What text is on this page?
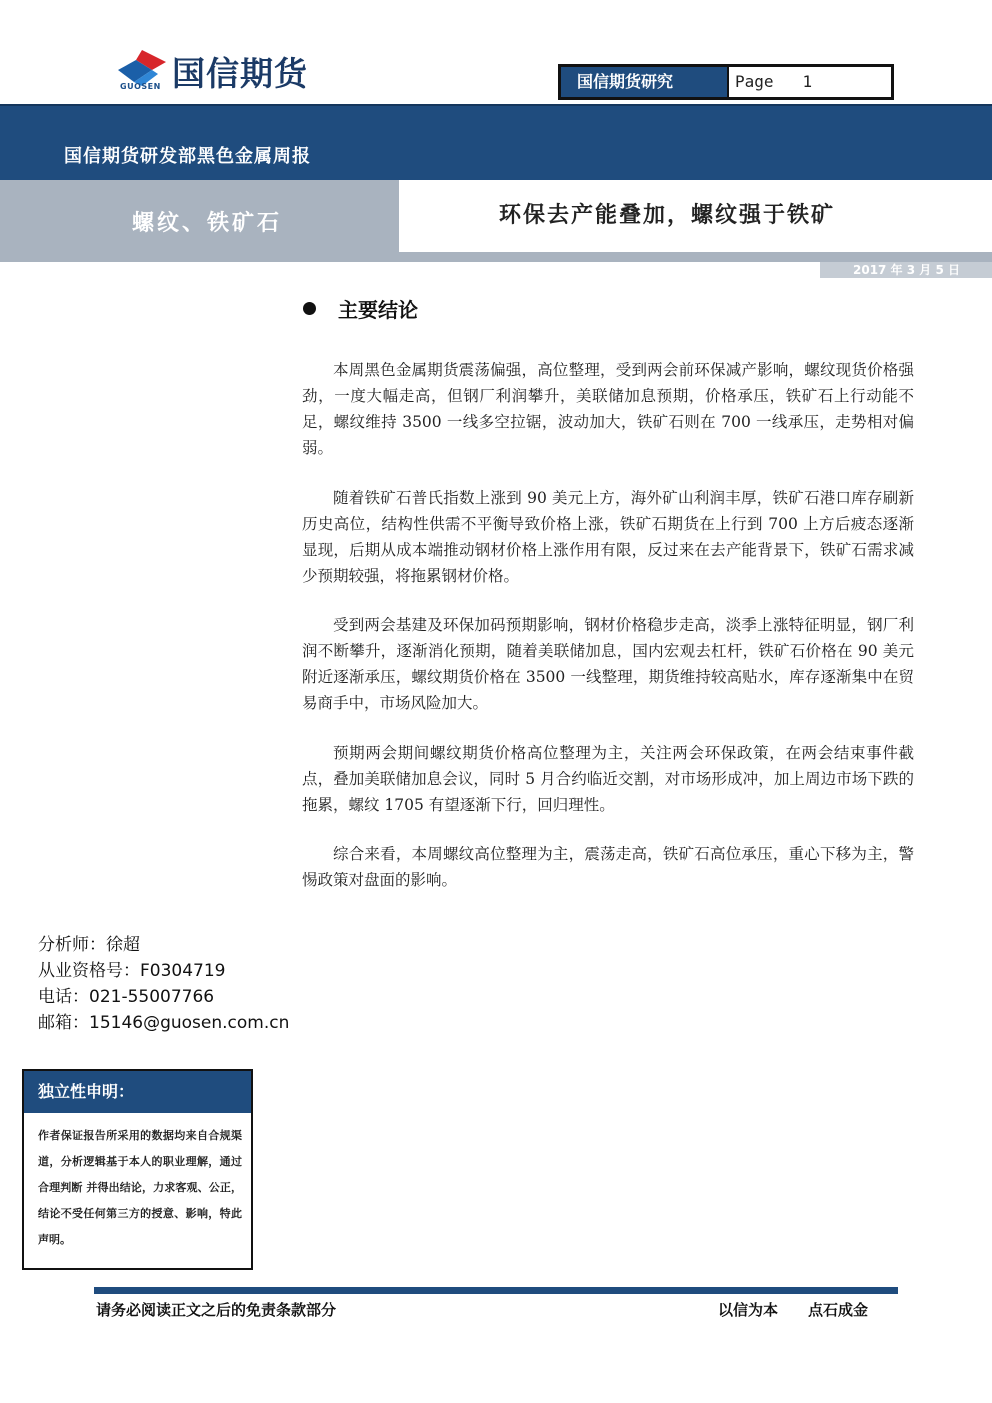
GUOSEN 国信期货	国信期货研究	Page 1
国信期货研发部黑色金属周报
螺纹、铁矿石	环保去产能叠加，螺纹强于铁矿
2017 年 3 月 5 日
主要结论

本周黑色金属期货震荡偏强，高位整理，受到两会前环保减产影响，螺纹现货价格强劲，一度大幅走高，但钢厂利润攀升，美联储加息预期，价格承压，铁矿石上行动能不足，螺纹维持 3500 一线多空拉锯，波动加大，铁矿石则在 700 一线承压，走势相对偏弱。

随着铁矿石普氏指数上涨到 90 美元上方，海外矿山利润丰厚，铁矿石港口库存刷新历史高位，结构性供需不平衡导致价格上涨，铁矿石期货在上行到 700 上方后疲态逐渐显现，后期从成本端推动钢材价格上涨作用有限，反过来在去产能背景下，铁矿石需求减少预期较强，将拖累钢材价格。

受到两会基建及环保加码预期影响，钢材价格稳步走高，淡季上涨特征明显，钢厂利润不断攀升，逐渐消化预期，随着美联储加息，国内宏观去杠杆，铁矿石价格在 90 美元附近逐渐承压，螺纹期货价格在 3500 一线整理，期货维持较高贴水，库存逐渐集中在贸易商手中，市场风险加大。

预期两会期间螺纹期货价格高位整理为主，关注两会环保政策，在两会结束事件截点，叠加美联储加息会议，同时 5 月合约临近交割，对市场形成冲，加上周边市场下跌的拖累，螺纹 1705 有望逐渐下行，回归理性。

综合来看，本周螺纹高位整理为主，震荡走高，铁矿石高位承压，重心下移为主，警惕政策对盘面的影响。

分析师：徐超
从业资格号：F0304719
电话：021-55007766
邮箱：15146@guosen.com.cn
独立性申明：
作者保证报告所采用的数据均来自合规渠道，分析逻辑基于本人的职业理解，通过合理判断 并得出结论，力求客观、公正，结论不受任何第三方的授意、影响，特此声明。
请务必阅读正文之后的免责条款部分	以信为本 点石成金
